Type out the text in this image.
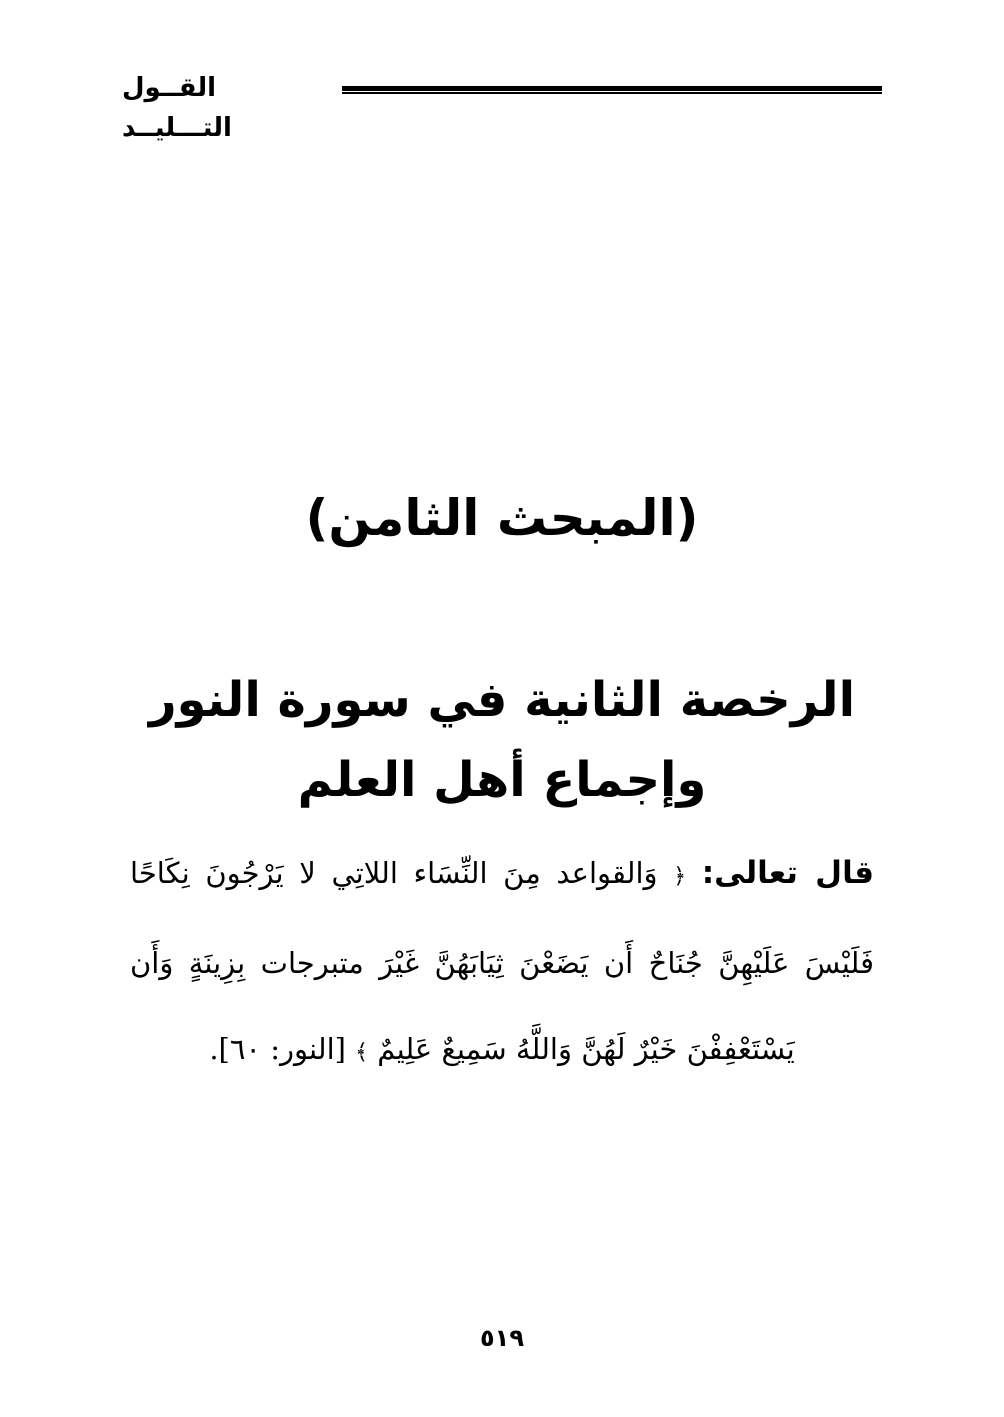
القــول التـــليــد
(المبحث الثامن)
الرخصة الثانية في سورة النور وإجماع أهل العلم
قال تعالى: ﴿ وَالقواعد مِنَ النِّسَاء اللاتِي لا يَرْجُونَ نِكَاحًا فَلَيْسَ عَلَيْهِنَّ جُنَاحٌ أَن يَضَعْنَ ثِيَابَهُنَّ غَيْرَ متبرجات بِزِينَةٍ وَأَن يَسْتَعْفِفْنَ خَيْرٌ لَهُنَّ وَاللَّهُ سَمِيعٌ عَلِيمٌ ﴾ [النور: ٦٠].
٥١٩
